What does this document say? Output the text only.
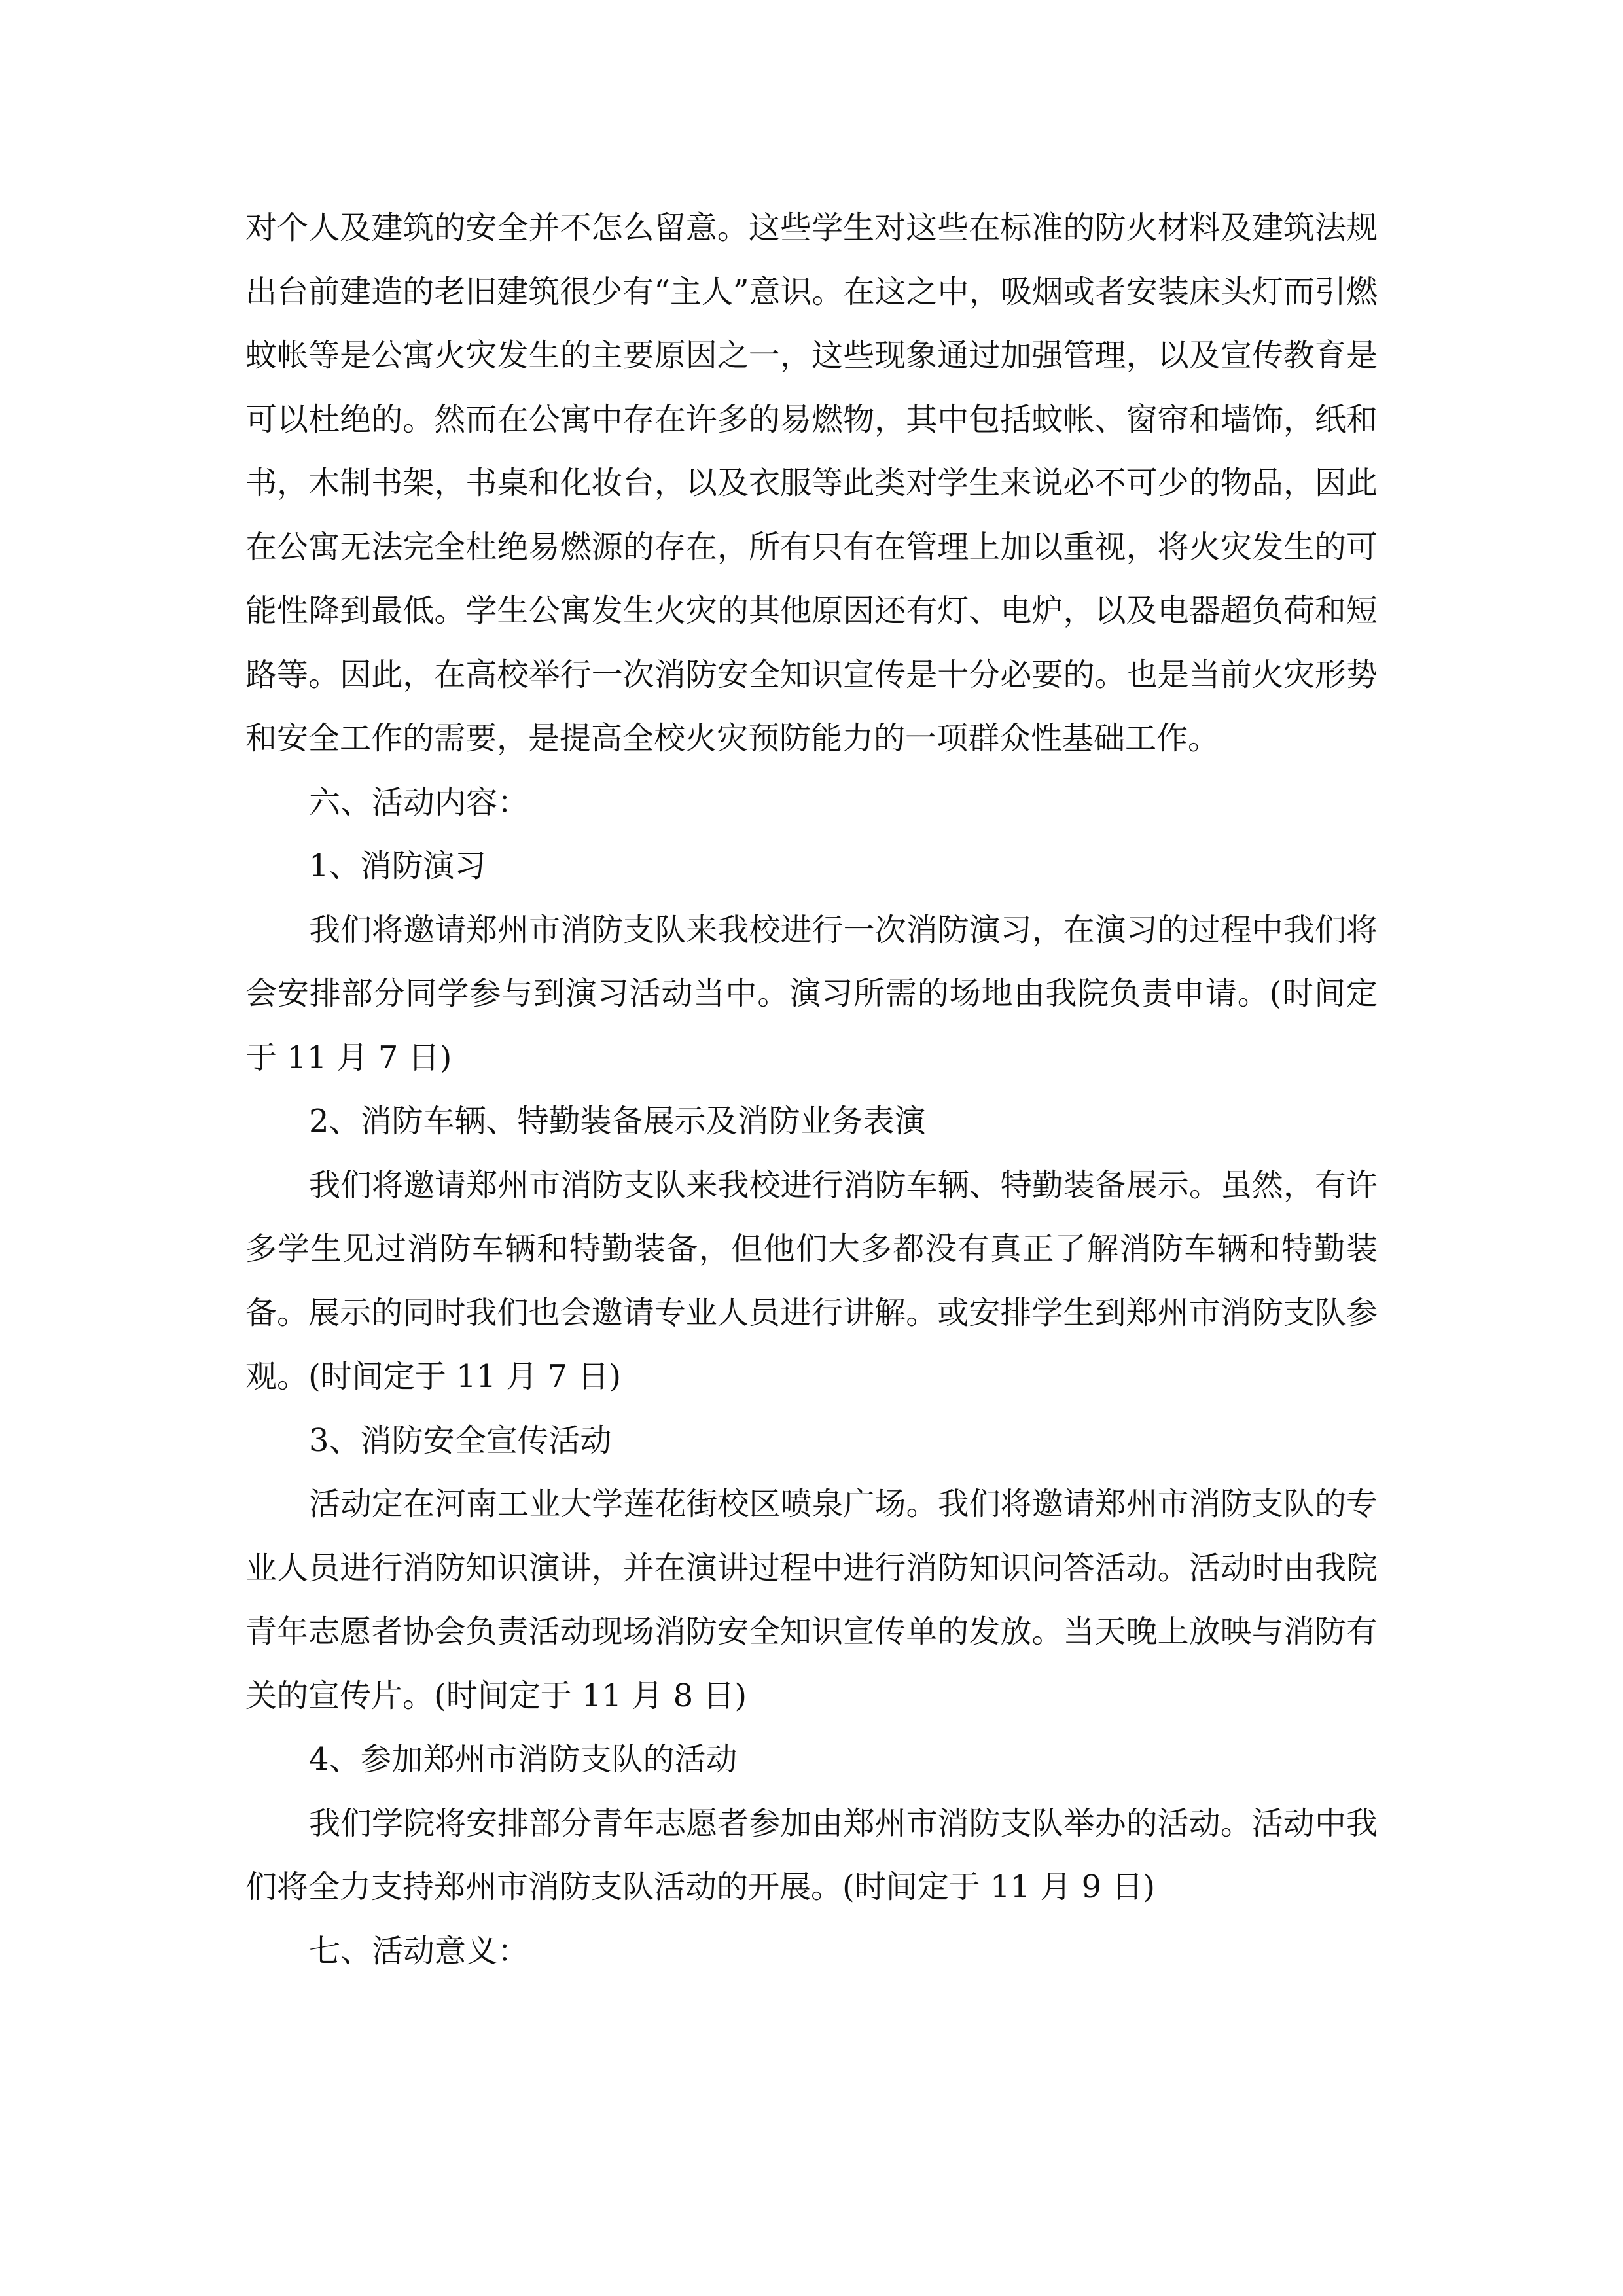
对个人及建筑的安全并不怎么留意。这些学生对这些在标准的防火材料及建筑法规出台前建造的老旧建筑很少有“主人”意识。在这之中，吸烟或者安装床头灯而引燃蚊帐等是公寓火灾发生的主要原因之一，这些现象通过加强管理，以及宣传教育是可以杜绝的。然而在公寓中存在许多的易燃物，其中包括蚊帐、窗帘和墙饰，纸和书，木制书架，书桌和化妆台，以及衣服等此类对学生来说必不可少的物品，因此在公寓无法完全杜绝易燃源的存在，所有只有在管理上加以重视，将火灾发生的可能性降到最低。学生公寓发生火灾的其他原因还有灯、电炉，以及电器超负荷和短路等。因此，在高校举行一次消防安全知识宣传是十分必要的。也是当前火灾形势和安全工作的需要，是提高全校火灾预防能力的一项群众性基础工作。

六、活动内容：

1、消防演习

我们将邀请郑州市消防支队来我校进行一次消防演习，在演习的过程中我们将会安排部分同学参与到演习活动当中。演习所需的场地由我院负责申请。(时间定于 11 月 7 日)

2、消防车辆、特勤装备展示及消防业务表演

我们将邀请郑州市消防支队来我校进行消防车辆、特勤装备展示。虽然，有许多学生见过消防车辆和特勤装备，但他们大多都没有真正了解消防车辆和特勤装备。展示的同时我们也会邀请专业人员进行讲解。或安排学生到郑州市消防支队参观。(时间定于 11 月 7 日)

3、消防安全宣传活动

活动定在河南工业大学莲花街校区喷泉广场。我们将邀请郑州市消防支队的专业人员进行消防知识演讲，并在演讲过程中进行消防知识问答活动。活动时由我院青年志愿者协会负责活动现场消防安全知识宣传单的发放。当天晚上放映与消防有关的宣传片。(时间定于 11 月 8 日)

4、参加郑州市消防支队的活动

我们学院将安排部分青年志愿者参加由郑州市消防支队举办的活动。活动中我们将全力支持郑州市消防支队活动的开展。(时间定于 11 月 9 日)

七、活动意义：
